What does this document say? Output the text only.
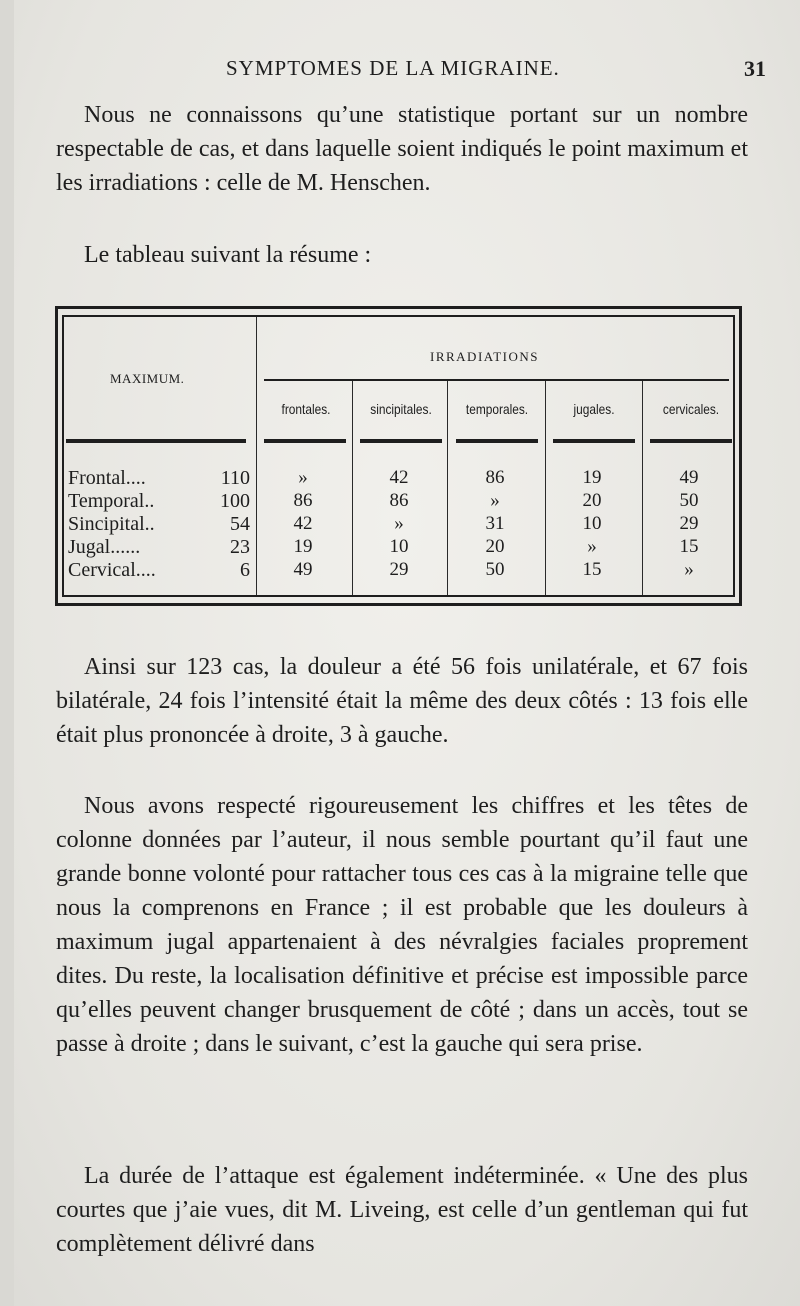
SYMPTOMES DE LA MIGRAINE.	31
Nous ne connaissons qu’une statistique portant sur un nombre respectable de cas, et dans laquelle soient indiqués le point maximum et les irradiations : celle de M. Henschen.
Le tableau suivant la résume :
MAXIMUM.
IRRADIATIONS
frontales.	sincipitales.	temporales.	jugales.	cervicales.
Frontal....	110	»	42	86	19	49
Temporal..	100	86	86	»	20	50
Sincipital..	54	42	»	31	10	29
Jugal......	23	19	10	20	»	15
Cervical....	6	49	29	50	15	»
Ainsi sur 123 cas, la douleur a été 56 fois unilatérale, et 67 fois bilatérale, 24 fois l’intensité était la même des deux côtés : 13 fois elle était plus prononcée à droite, 3 à gauche.
Nous avons respecté rigoureusement les chiffres et les têtes de colonne données par l’auteur, il nous semble pourtant qu’il faut une grande bonne volonté pour rattacher tous ces cas à la migraine telle que nous la comprenons en France ; il est probable que les douleurs à maximum jugal appartenaient à des névralgies faciales proprement dites. Du reste, la localisation définitive et précise est impossible parce qu’elles peuvent changer brusquement de côté ; dans un accès, tout se passe à droite ; dans le suivant, c’est la gauche qui sera prise.
La durée de l’attaque est également indéterminée. « Une des plus courtes que j’aie vues, dit M. Liveing, est celle d’un gentleman qui fut complètement délivré dans
